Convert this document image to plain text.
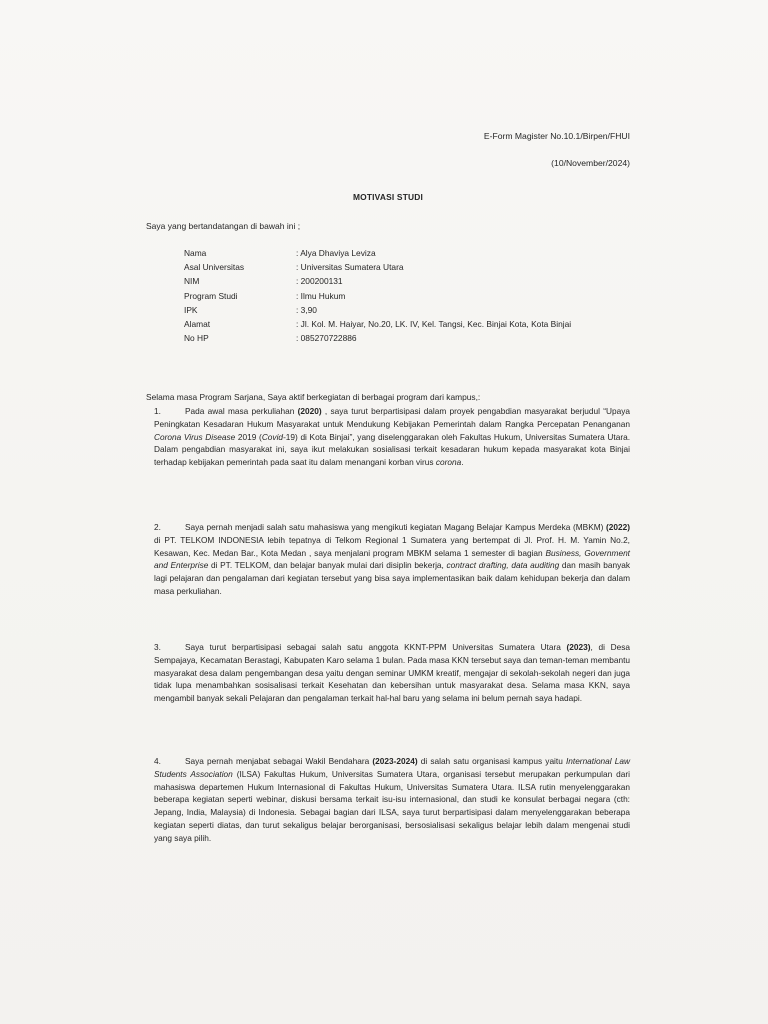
E-Form Magister No.10.1/Birpen/FHUI
(10/November/2024)
MOTIVASI STUDI
Saya yang bertandatangan di bawah ini ;
Nama	: Alya Dhaviya Leviza
Asal Universitas	: Universitas Sumatera Utara
NIM	: 200200131
Program Studi	: Ilmu Hukum
IPK	: 3,90
Alamat	: Jl. Kol. M. Haiyar, No.20, LK. IV, Kel. Tangsi, Kec. Binjai Kota, Kota Binjai
No HP	: 085270722886
Selama masa Program Sarjana, Saya aktif berkegiatan di berbagai program dari kampus,:
1.	Pada awal masa perkuliahan (2020) , saya turut berpartisipasi dalam proyek pengabdian masyarakat berjudul “Upaya Peningkatan Kesadaran Hukum Masyarakat untuk Mendukung Kebijakan Pemerintah dalam Rangka Percepatan Penanganan Corona Virus Disease 2019 (Covid-19) di Kota Binjai”, yang diselenggarakan oleh Fakultas Hukum, Universitas Sumatera Utara. Dalam pengabdian masyarakat ini, saya ikut melakukan sosialisasi terkait kesadaran hukum kepada masyarakat kota Binjai terhadap kebijakan pemerintah pada saat itu dalam menangani korban virus corona.
2.	Saya pernah menjadi salah satu mahasiswa yang mengikuti kegiatan Magang Belajar Kampus Merdeka (MBKM) (2022) di PT. TELKOM INDONESIA lebih tepatnya di Telkom Regional 1 Sumatera yang bertempat di Jl. Prof. H. M. Yamin No.2, Kesawan, Kec. Medan Bar., Kota Medan , saya menjalani program MBKM selama 1 semester di bagian Business, Government and Enterprise di PT. TELKOM, dan belajar banyak mulai dari disiplin bekerja, contract drafting, data auditing dan masih banyak lagi pelajaran dan pengalaman dari kegiatan tersebut yang bisa saya implementasikan baik dalam kehidupan bekerja dan dalam masa perkuliahan.
3.	Saya turut berpartisipasi sebagai salah satu anggota KKNT-PPM Universitas Sumatera Utara (2023), di Desa Sempajaya, Kecamatan Berastagi, Kabupaten Karo selama 1 bulan. Pada masa KKN tersebut saya dan teman-teman membantu masyarakat desa dalam pengembangan desa yaitu dengan seminar UMKM kreatif, mengajar di sekolah-sekolah negeri dan juga tidak lupa menambahkan sosisalisasi terkait Kesehatan dan kebersihan untuk masyarakat desa. Selama masa KKN, saya mengambil banyak sekali Pelajaran dan pengalaman terkait hal-hal baru yang selama ini belum pernah saya hadapi.
4.	Saya pernah menjabat sebagai Wakil Bendahara (2023-2024) di salah satu organisasi kampus yaitu International Law Students Association (ILSA) Fakultas Hukum, Universitas Sumatera Utara, organisasi tersebut merupakan perkumpulan dari mahasiswa departemen Hukum Internasional di Fakultas Hukum, Universitas Sumatera Utara. ILSA rutin menyelenggarakan beberapa kegiatan seperti webinar, diskusi bersama terkait isu-isu internasional, dan studi ke konsulat berbagai negara (cth: Jepang, India, Malaysia) di Indonesia. Sebagai bagian dari ILSA, saya turut berpartisipasi dalam menyelenggarakan beberapa kegiatan seperti diatas, dan turut sekaligus belajar berorganisasi, bersosialisasi sekaligus belajar lebih dalam mengenai studi yang saya pilih.
